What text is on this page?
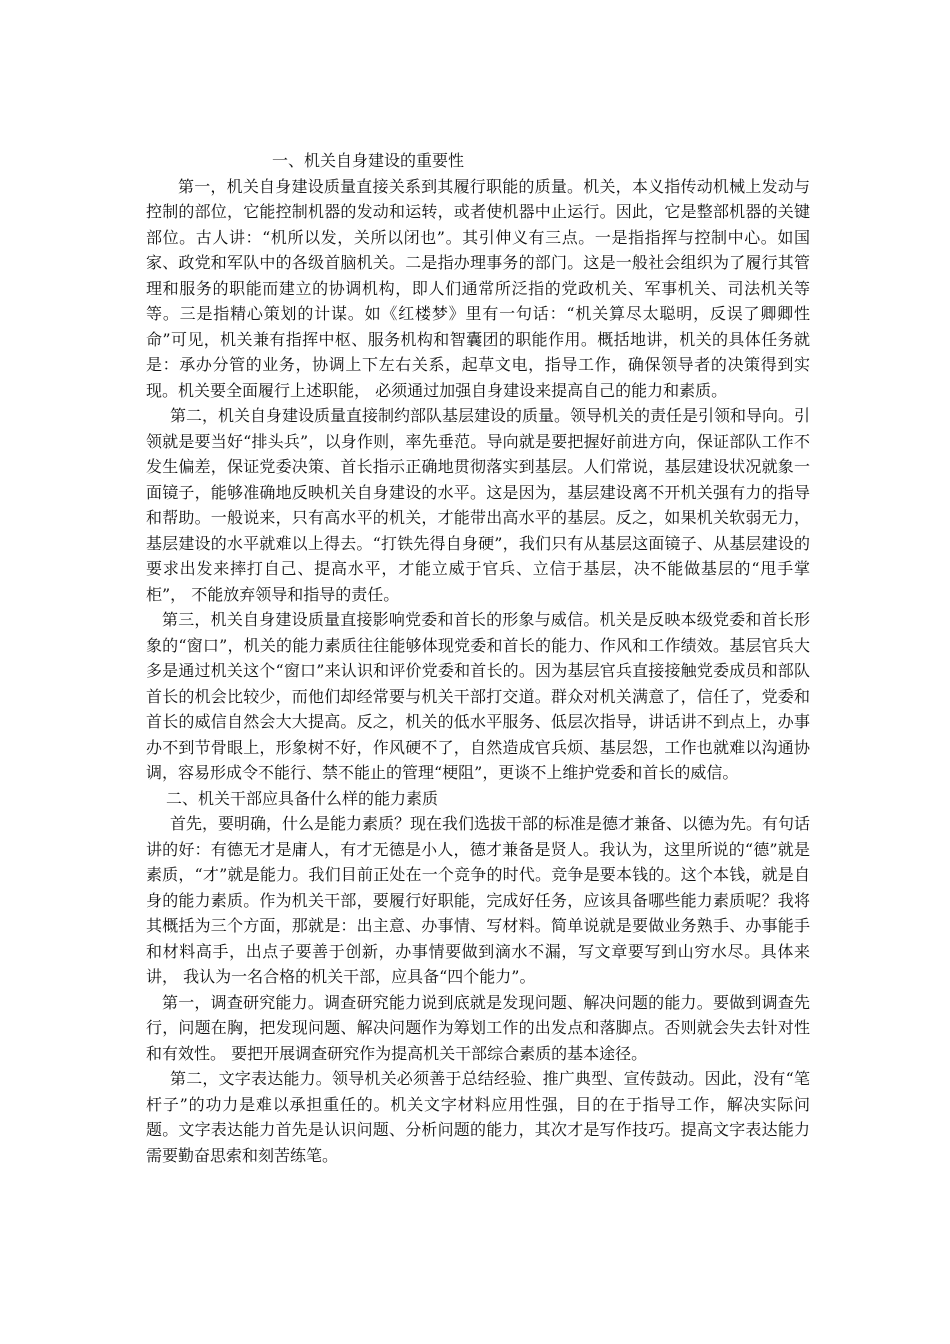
一、机关自身建设的重要性

第一，机关自身建设质量直接关系到其履行职能的质量。机关，本义指传动机械上发动与控制的部位，它能控制机器的发动和运转，或者使机器中止运行。因此，它是整部机器的关键部位。古人讲：“机所以发，关所以闭也”。其引伸义有三点。一是指指挥与控制中心。如国家、政党和军队中的各级首脑机关。二是指办理事务的部门。这是一般社会组织为了履行其管理和服务的职能而建立的协调机构，即人们通常所泛指的党政机关、军事机关、司法机关等等。三是指精心策划的计谋。如《红楼梦》里有一句话：“机关算尽太聪明，反误了卿卿性命”可见，机关兼有指挥中枢、服务机构和智囊团的职能作用。概括地讲，机关的具体任务就是：承办分管的业务，协调上下左右关系，起草文电，指导工作，确保领导者的决策得到实现。机关要全面履行上述职能， 必须通过加强自身建设来提高自己的能力和素质。

第二，机关自身建设质量直接制约部队基层建设的质量。领导机关的责任是引领和导向。引领就是要当好“排头兵”，以身作则，率先垂范。导向就是要把握好前进方向，保证部队工作不发生偏差，保证党委决策、首长指示正确地贯彻落实到基层。人们常说，基层建设状况就象一面镜子，能够准确地反映机关自身建设的水平。这是因为，基层建设离不开机关强有力的指导和帮助。一般说来，只有高水平的机关，才能带出高水平的基层。反之，如果机关软弱无力，基层建设的水平就难以上得去。“打铁先得自身硬”，我们只有从基层这面镜子、从基层建设的要求出发来摔打自己、提高水平，才能立威于官兵、立信于基层，决不能做基层的“甩手掌柜”， 不能放弃领导和指导的责任。

第三，机关自身建设质量直接影响党委和首长的形象与威信。机关是反映本级党委和首长形象的“窗口”，机关的能力素质往往能够体现党委和首长的能力、作风和工作绩效。基层官兵大多是通过机关这个“窗口”来认识和评价党委和首长的。因为基层官兵直接接触党委成员和部队首长的机会比较少，而他们却经常要与机关干部打交道。群众对机关满意了，信任了，党委和首长的威信自然会大大提高。反之，机关的低水平服务、低层次指导，讲话讲不到点上，办事办不到节骨眼上，形象树不好，作风硬不了，自然造成官兵烦、基层怨，工作也就难以沟通协调，容易形成令不能行、禁不能止的管理“梗阻”，更谈不上维护党委和首长的威信。

二、机关干部应具备什么样的能力素质

首先，要明确，什么是能力素质？现在我们选拔干部的标准是德才兼备、以德为先。有句话讲的好：有德无才是庸人，有才无德是小人，德才兼备是贤人。我认为，这里所说的“德”就是素质，“才”就是能力。我们目前正处在一个竞争的时代。竞争是要本钱的。这个本钱，就是自身的能力素质。作为机关干部，要履行好职能，完成好任务，应该具备哪些能力素质呢？我将其概括为三个方面，那就是：出主意、办事情、写材料。简单说就是要做业务熟手、办事能手和材料高手，出点子要善于创新，办事情要做到滴水不漏，写文章要写到山穷水尽。具体来讲， 我认为一名合格的机关干部，应具备“四个能力”。

第一，调查研究能力。调查研究能力说到底就是发现问题、解决问题的能力。要做到调查先行，问题在胸，把发现问题、解决问题作为筹划工作的出发点和落脚点。否则就会失去针对性和有效性。 要把开展调查研究作为提高机关干部综合素质的基本途径。

第二，文字表达能力。领导机关必须善于总结经验、推广典型、宣传鼓动。因此，没有“笔杆子”的功力是难以承担重任的。机关文字材料应用性强，目的在于指导工作，解决实际问题。文字表达能力首先是认识问题、分析问题的能力，其次才是写作技巧。提高文字表达能力需要勤奋思索和刻苦练笔。
